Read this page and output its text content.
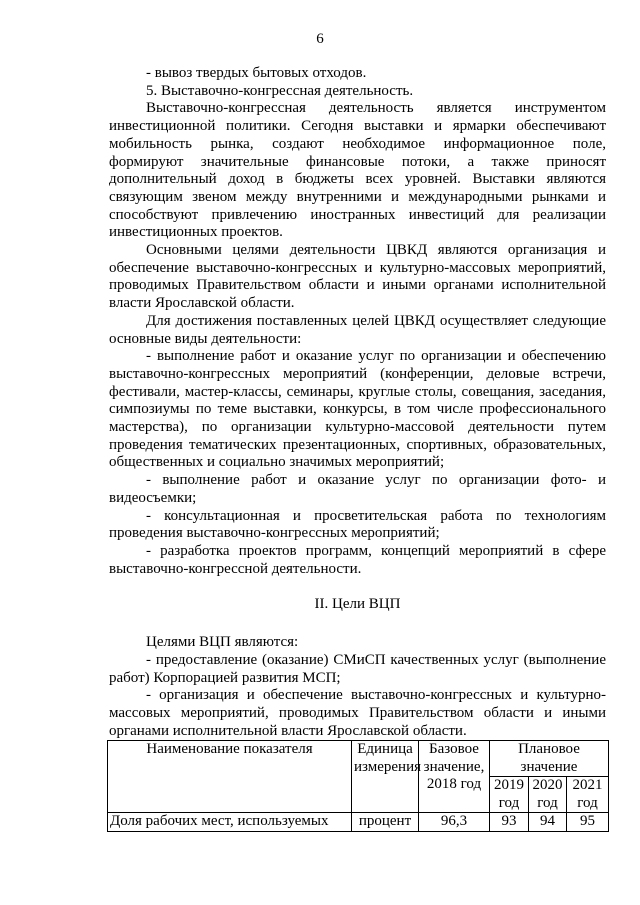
6

- вывоз твердых бытовых отходов.

5. Выставочно-конгрессная деятельность.

Выставочно-конгрессная деятельность является инструментом инвестиционной политики. Сегодня выставки и ярмарки обеспечивают мобильность рынка, создают необходимое информационное поле, формируют значительные финансовые потоки, а также приносят дополнительный доход в бюджеты всех уровней. Выставки являются связующим звеном между внутренними и международными рынками и способствуют привлечению иностранных инвестиций для реализации инвестиционных проектов.

Основными целями деятельности ЦВКД являются организация и обеспечение выставочно-конгрессных и культурно-массовых мероприятий, проводимых Правительством области и иными органами исполнительной власти Ярославской области.

Для достижения поставленных целей ЦВКД осуществляет следующие основные виды деятельности:

- выполнение работ и оказание услуг по организации и обеспечению выставочно-конгрессных мероприятий (конференции, деловые встречи, фестивали, мастер-классы, семинары, круглые столы, совещания, заседания, симпозиумы по теме выставки, конкурсы, в том числе профессионального мастерства), по организации культурно-массовой деятельности путем проведения тематических презентационных, спортивных, образовательных, общественных и социально значимых мероприятий;

- выполнение работ и оказание услуг по организации фото- и видеосъемки;

- консультационная и просветительская работа по технологиям проведения выставочно-конгрессных мероприятий;

- разработка проектов программ, концепций мероприятий в сфере выставочно-конгрессной деятельности.

II. Цели ВЦП

Целями ВЦП являются:

- предоставление (оказание) СМиСП качественных услуг (выполнение работ) Корпорацией развития МСП;

- организация и обеспечение выставочно-конгрессных и культурно-массовых мероприятий, проводимых Правительством области и иными органами исполнительной власти Ярославской области.

Наименование показателя	Единица измерения	Базовое значение, 2018 год	Плановое значение		
			2019 год	2020 год	2021 год
Доля рабочих мест, используемых	процент	96,3	93	94	95
